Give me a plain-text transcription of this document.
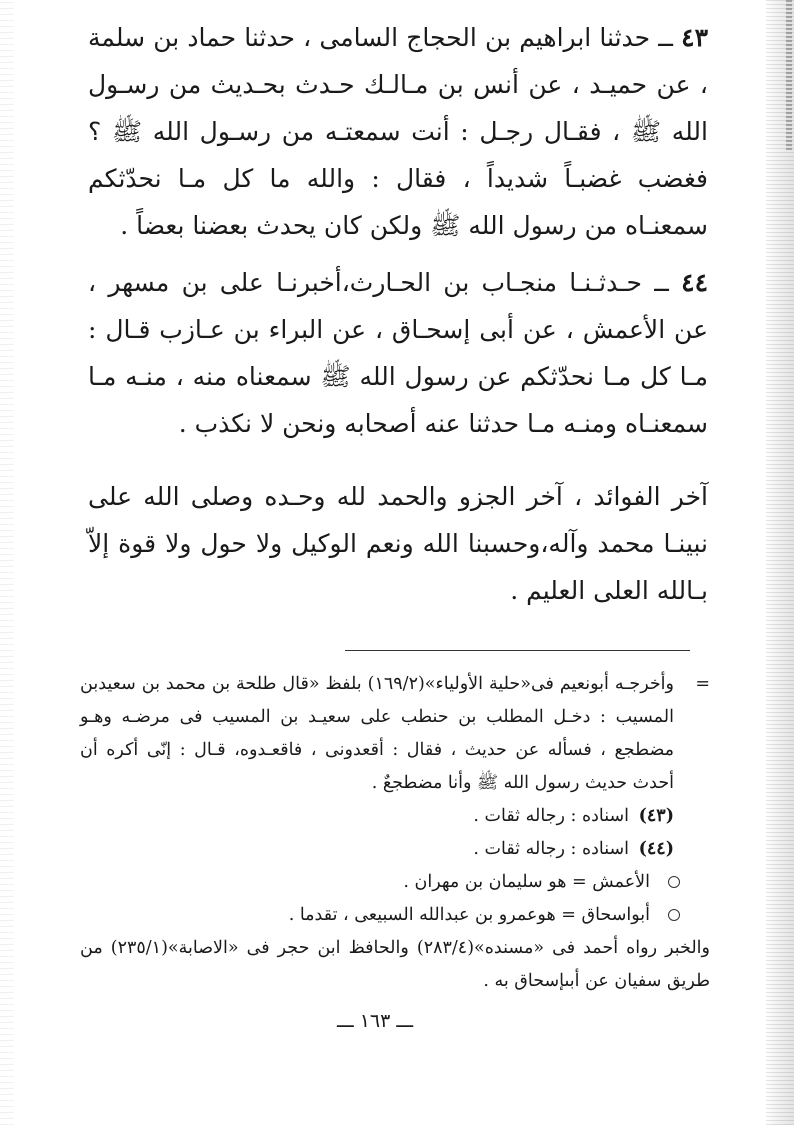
٤٣ ــ حدثنا ابراهيم بن الحجاج السامى ، حدثنا حماد بن سلمة ، عن حميـد ، عن أنس بن مـالـك حـدث بحـديث من رسـول الله ﷺ ، فقـال رجـل : أنت سمعتـه من رسـول الله ﷺ ؟ فغضب غضبـاً شديداً ، فقال : والله ما كل مـا نحدّثكم سمعنـاه من رسول الله ﷺ ولكن كان يحدث بعضنا بعضاً .

٤٤ ــ حـدثـنـا منجـاب بن الحـارث،أخبرنـا على بن مسهر ، عن الأعمش ، عن أبى إسحـاق ، عن البراء بن عـازب قـال : مـا كل مـا نحدّثكم عن رسول الله ﷺ سمعناه منه ، منـه مـا سمعنـاه ومنـه مـا حدثنا عنه أصحابه ونحن لا نكذب .

آخر الفوائد ، آخر الجزو والحمد لله وحـده وصلى الله على نبينـا محمد وآله،وحسبنا الله ونعم الوكيل ولا حول ولا قوة إلاّ بـالله العلى العليم .

=
وأخرجـه أبونعيم فى«حلية الأولياء»(١٦٩/٢) بلفظ «قال طلحة بن محمد بن سعيدبن المسيب : دخـل المطلب بن حنطب على سعيـد بن المسيب فى مرضـه وهـو مضطجع ، فسأله عن حديث ، فقال : أقعدونى ، فاقعـدوه، قـال : إنّى أكره أن أحدث حديث رسول الله ﷺ وأنا مضطجعٌ .
(٤٣) اسناده : رجاله ثقات .
(٤٤) اسناده : رجاله ثقات .
الأعمش = هو سليمان بن مهران .
أبواسحاق = هوعمرو بن عبدالله السبيعى ، تقدما .
والخبر رواه أحمد فى «مسنده»(٢٨٣/٤) والحافظ ابن حجر فى «الاصابة»(٢٣٥/١) من طريق سفيان عن أبىإسحاق به .
ـــ ١٦٣ ـــ
